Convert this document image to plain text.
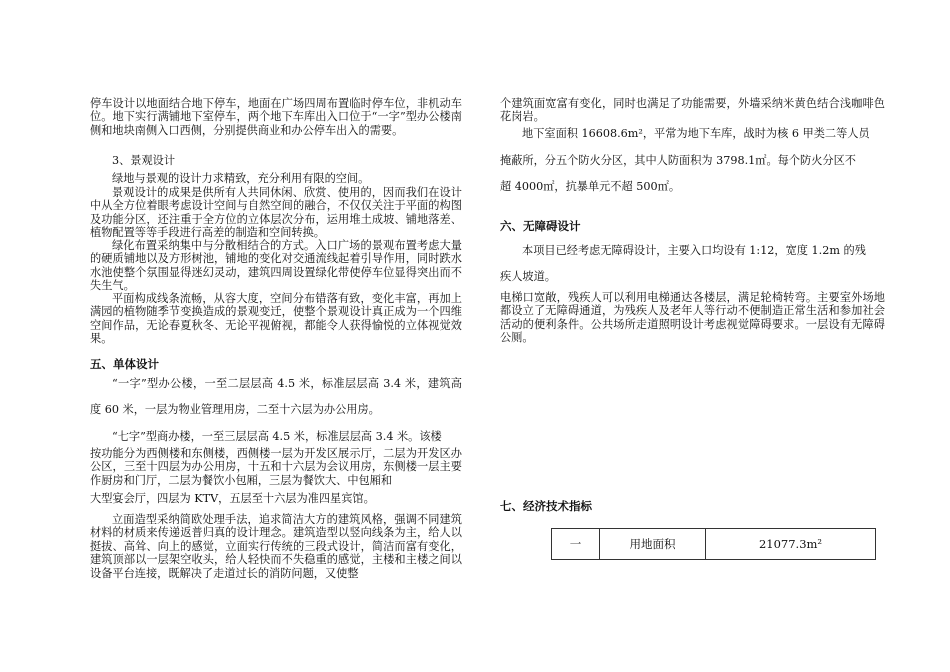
停车设计以地面结合地下停车，地面在广场四周布置临时停车位，非机动车位。地下实行满铺地下室停车，两个地下车库出入口位于“一字”型办公楼南侧和地块南侧入口西侧，分别提供商业和办公停车出入的需要。

3、景观设计

绿地与景观的设计力求精致，充分利用有限的空间。

景观设计的成果是供所有人共同休闲、欣赏、使用的，因而我们在设计中从全方位着眼考虑设计空间与自然空间的融合，不仅仅关注于平面的构图及功能分区，还注重于全方位的立体层次分布，运用堆土成坡、铺地落差、植物配置等等手段进行高差的制造和空间转换。

绿化布置采纳集中与分散相结合的方式。入口广场的景观布置考虑大量的硬质铺地以及方形树池，铺地的变化对交通流线起着引导作用，同时跌水水池使整个氛围显得迷幻灵动，建筑四周设置绿化带使停车位显得突出而不失生气。

平面构成线条流畅，从容大度，空间分布错落有致，变化丰富，再加上满园的植物随季节变换造成的景观变迁，使整个景观设计真正成为一个四维空间作品，无论春夏秋冬、无论平视俯视，都能令人获得愉悦的立体视觉效果。

五、单体设计

“一字”型办公楼，一至二层层高 4.5 米，标准层层高 3.4 米，建筑高度 60 米，一层为物业管理用房，二至十六层为办公用房。

“七字”型商办楼，一至三层层高 4.5 米，标准层层高 3.4 米。该楼

按功能分为西侧楼和东侧楼，西侧楼一层为开发区展示厅，二层为开发区办公区，三至十四层为办公用房，十五和十六层为会议用房，东侧楼一层主要作厨房和门厅，二层为餐饮小包厢，三层为餐饮大、中包厢和

大型宴会厅，四层为 KTV，五层至十六层为准四星宾馆。

立面造型采纳简欧处理手法，追求简洁大方的建筑风格，强调不同建筑材料的材质来传递返普归真的设计理念。建筑造型以竖向线条为主，给人以挺拔、高耸、向上的感觉，立面实行传统的三段式设计，简洁而富有变化，建筑顶部以一层架空收头，给人轻快而不失稳重的感觉，主楼和主楼之间以设备平台连接，既解决了走道过长的消防问题，又使整

个建筑面宽富有变化，同时也满足了功能需要，外墙采纳米黄色结合浅咖啡色花岗岩。

地下室面积 16608.6m²，平常为地下车库，战时为核 6 甲类二等人员

掩蔽所，分五个防火分区，其中人防面积为 3798.1㎡。每个防火分区不

超 4000㎡，抗暴单元不超 500㎡。

六、无障碍设计

本项目已经考虑无障碍设计，主要入口均设有 1:12，宽度 1.2m 的残

疾人坡道。

电梯口宽敞，残疾人可以利用电梯通达各楼层，满足轮椅转弯。主要室外场地都设立了无障碍通道，为残疾人及老年人等行动不便制造正常生活和参加社会活动的便利条件。公共场所走道照明设计考虑视觉障碍要求。一层设有无障碍公厕。

七、经济技术指标
一	用地面积	21077.3m²
